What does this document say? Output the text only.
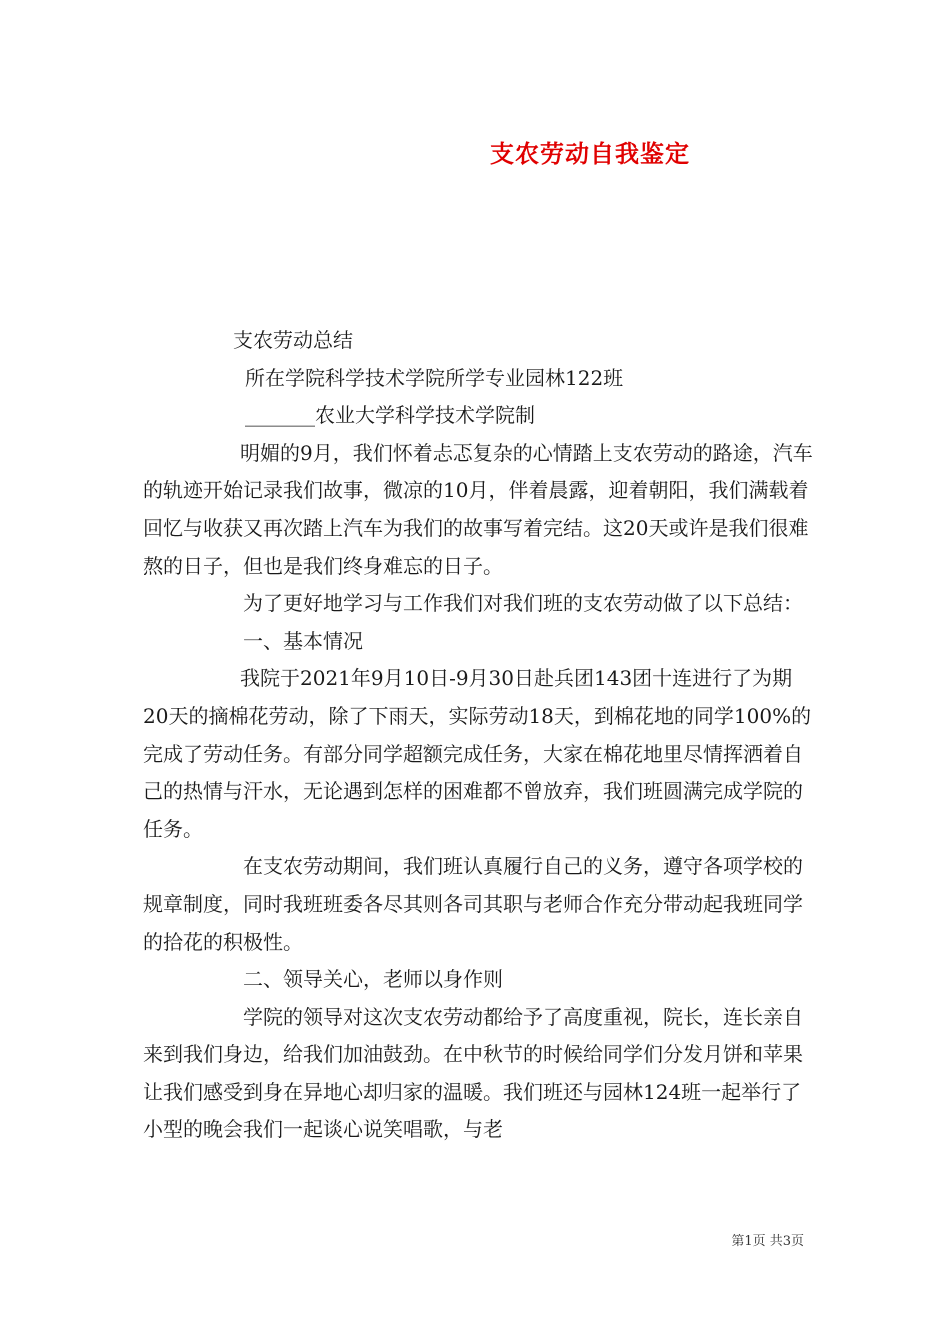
支农劳动自我鉴定

支农劳动总结

所在学院科学技术学院所学专业园林122班

_______农业大学科学技术学院制

明媚的9月，我们怀着忐忑复杂的心情踏上支农劳动的路途，汽车的轨迹开始记录我们故事，微凉的10月，伴着晨露，迎着朝阳，我们满载着回忆与收获又再次踏上汽车为我们的故事写着完结。这20天或许是我们很难熬的日子，但也是我们终身难忘的日子。

为了更好地学习与工作我们对我们班的支农劳动做了以下总结：

一、基本情况

我院于2021年9月10日-9月30日赴兵团143团十连进行了为期20天的摘棉花劳动，除了下雨天，实际劳动18天，到棉花地的同学100%的完成了劳动任务。有部分同学超额完成任务，大家在棉花地里尽情挥洒着自己的热情与汗水，无论遇到怎样的困难都不曾放弃，我们班圆满完成学院的任务。

在支农劳动期间，我们班认真履行自己的义务，遵守各项学校的规章制度，同时我班班委各尽其则各司其职与老师合作充分带动起我班同学的拾花的积极性。

二、领导关心，老师以身作则

学院的领导对这次支农劳动都给予了高度重视，院长，连长亲自来到我们身边，给我们加油鼓劲。在中秋节的时候给同学们分发月饼和苹果让我们感受到身在异地心却归家的温暖。我们班还与园林124班一起举行了小型的晚会我们一起谈心说笑唱歌，与老

第1页 共3页
